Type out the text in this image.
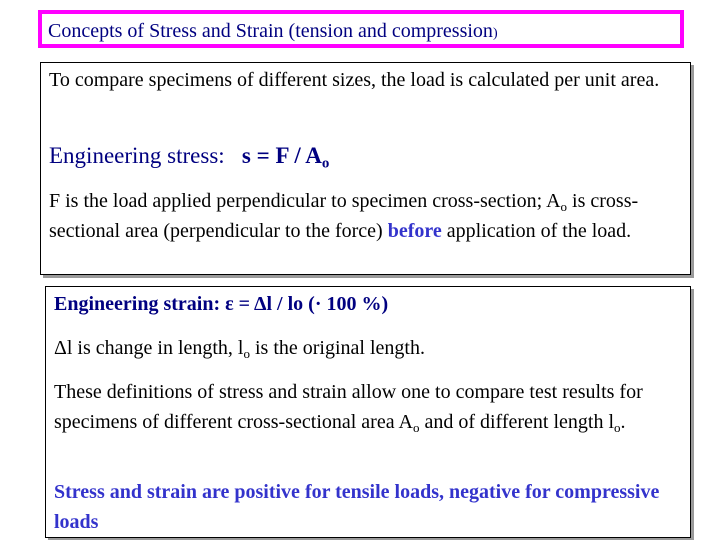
Concepts of Stress and Strain (tension and compression)

To compare specimens of different sizes, the load is calculated per unit area.

Engineering stress: $s = F / A_o$

F is the load applied perpendicular to specimen cross-section; $A_o$ is cross-sectional area (perpendicular to the force) before application of the load.

Engineering strain: ε = Δl / lo (· 100 %)

Δl is change in length, $l_o$ is the original length.

These definitions of stress and strain allow one to compare test results for specimens of different cross-sectional area $A_o$ and of different length $l_o$.

Stress and strain are positive for tensile loads, negative for compressive loads
